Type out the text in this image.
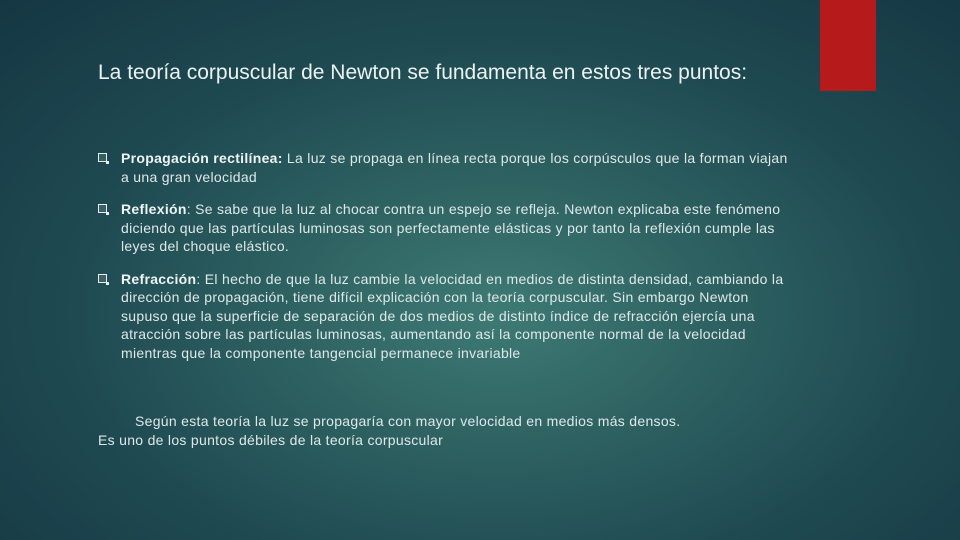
La teoría corpuscular de Newton se fundamenta en estos tres puntos:
Propagación rectilínea: La luz se propaga en línea recta porque los corpúsculos que la forman viajan a una gran velocidad
Reflexión: Se sabe que la luz al chocar contra un espejo se refleja. Newton explicaba este fenómeno diciendo que las partículas luminosas son perfectamente elásticas y por tanto la reflexión cumple las leyes del choque elástico.
Refracción: El hecho de que la luz cambie la velocidad en medios de distinta densidad, cambiando la dirección de propagación, tiene difícil explicación con la teoría corpuscular. Sin embargo Newton supuso que la superficie de separación de dos medios de distinto índice de refracción ejercía una atracción sobre las partículas luminosas, aumentando así la componente normal de la velocidad mientras que la componente tangencial permanece invariable
Según esta teoría la luz se propagaría con mayor velocidad en medios más densos.
Es uno de los puntos débiles de la teoría corpuscular
